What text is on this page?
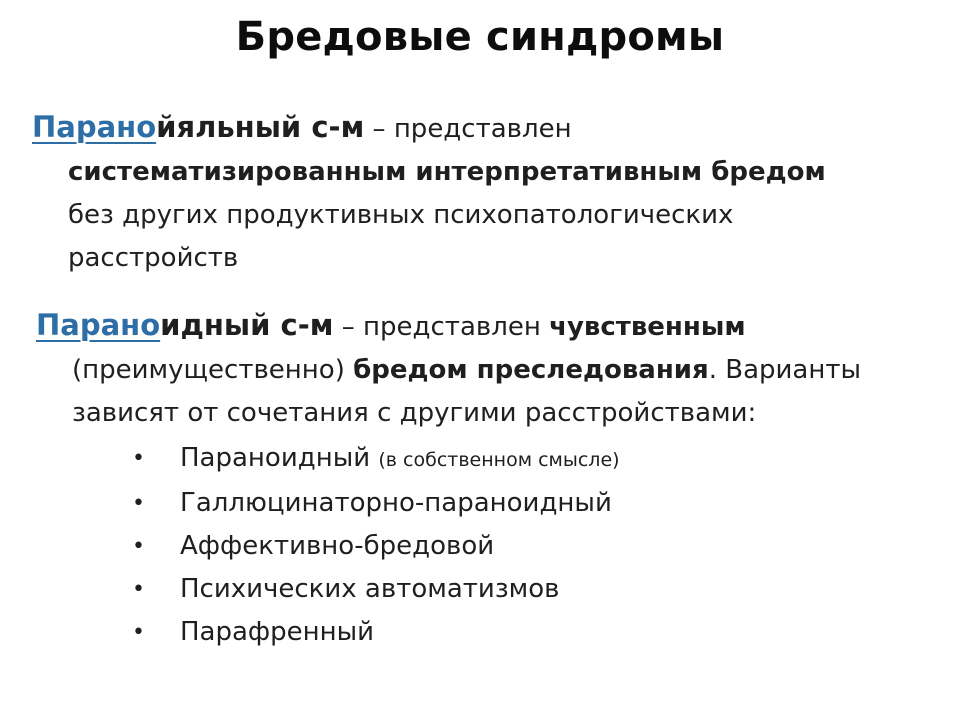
Бредовые синдромы
Паранойяльный с-м – представлен
систематизированным интерпретативным бредом
без других продуктивных психопатологических
расстройств
Параноидный с-м – представлен чувственным
(преимущественно) бредом преследования. Варианты
зависят от сочетания с другими расстройствами:
• Параноидный (в собственном смысле)
• Галлюцинаторно-параноидный
• Аффективно-бредовой
• Психических автоматизмов
• Парафренный
